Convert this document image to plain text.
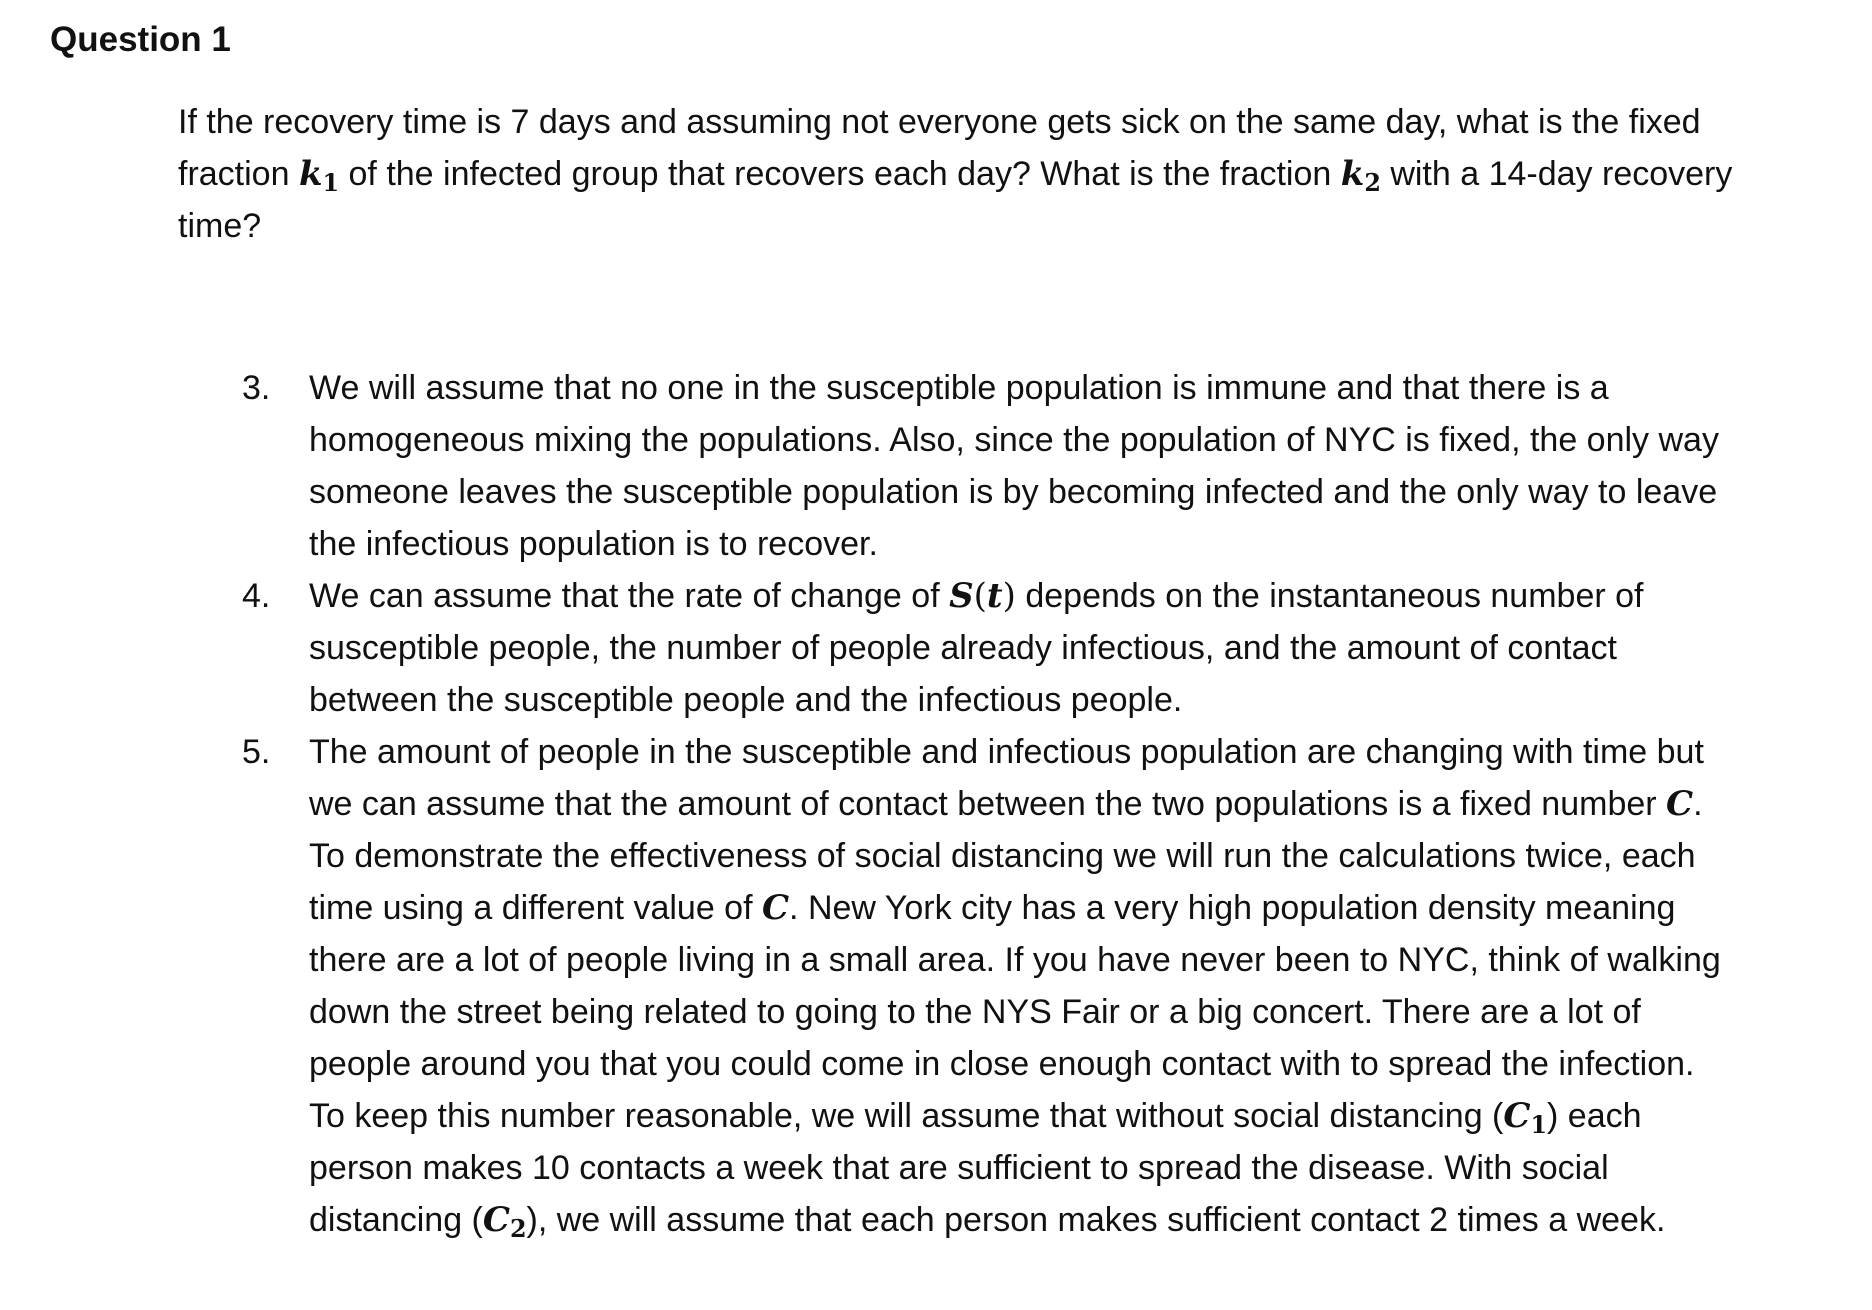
Question 1

If the recovery time is 7 days and assuming not everyone gets sick on the same day, what is the fixed fraction $k_1$ of the infected group that recovers each day? What is the fraction $k_2$ with a 14-day recovery time?

3. We will assume that no one in the susceptible population is immune and that there is a homogeneous mixing the populations. Also, since the population of NYC is fixed, the only way someone leaves the susceptible population is by becoming infected and the only way to leave the infectious population is to recover.
4. We can assume that the rate of change of S(t) depends on the instantaneous number of susceptible people, the number of people already infectious, and the amount of contact between the susceptible people and the infectious people.
5. The amount of people in the susceptible and infectious population are changing with time but we can assume that the amount of contact between the two populations is a fixed number C. To demonstrate the effectiveness of social distancing we will run the calculations twice, each time using a different value of C. New York city has a very high population density meaning there are a lot of people living in a small area. If you have never been to NYC, think of walking down the street being related to going to the NYS Fair or a big concert. There are a lot of people around you that you could come in close enough contact with to spread the infection. To keep this number reasonable, we will assume that without social distancing $(C_1)$ each person makes 10 contacts a week that are sufficient to spread the disease. With social distancing $(C_2)$, we will assume that each person makes sufficient contact 2 times a week.
